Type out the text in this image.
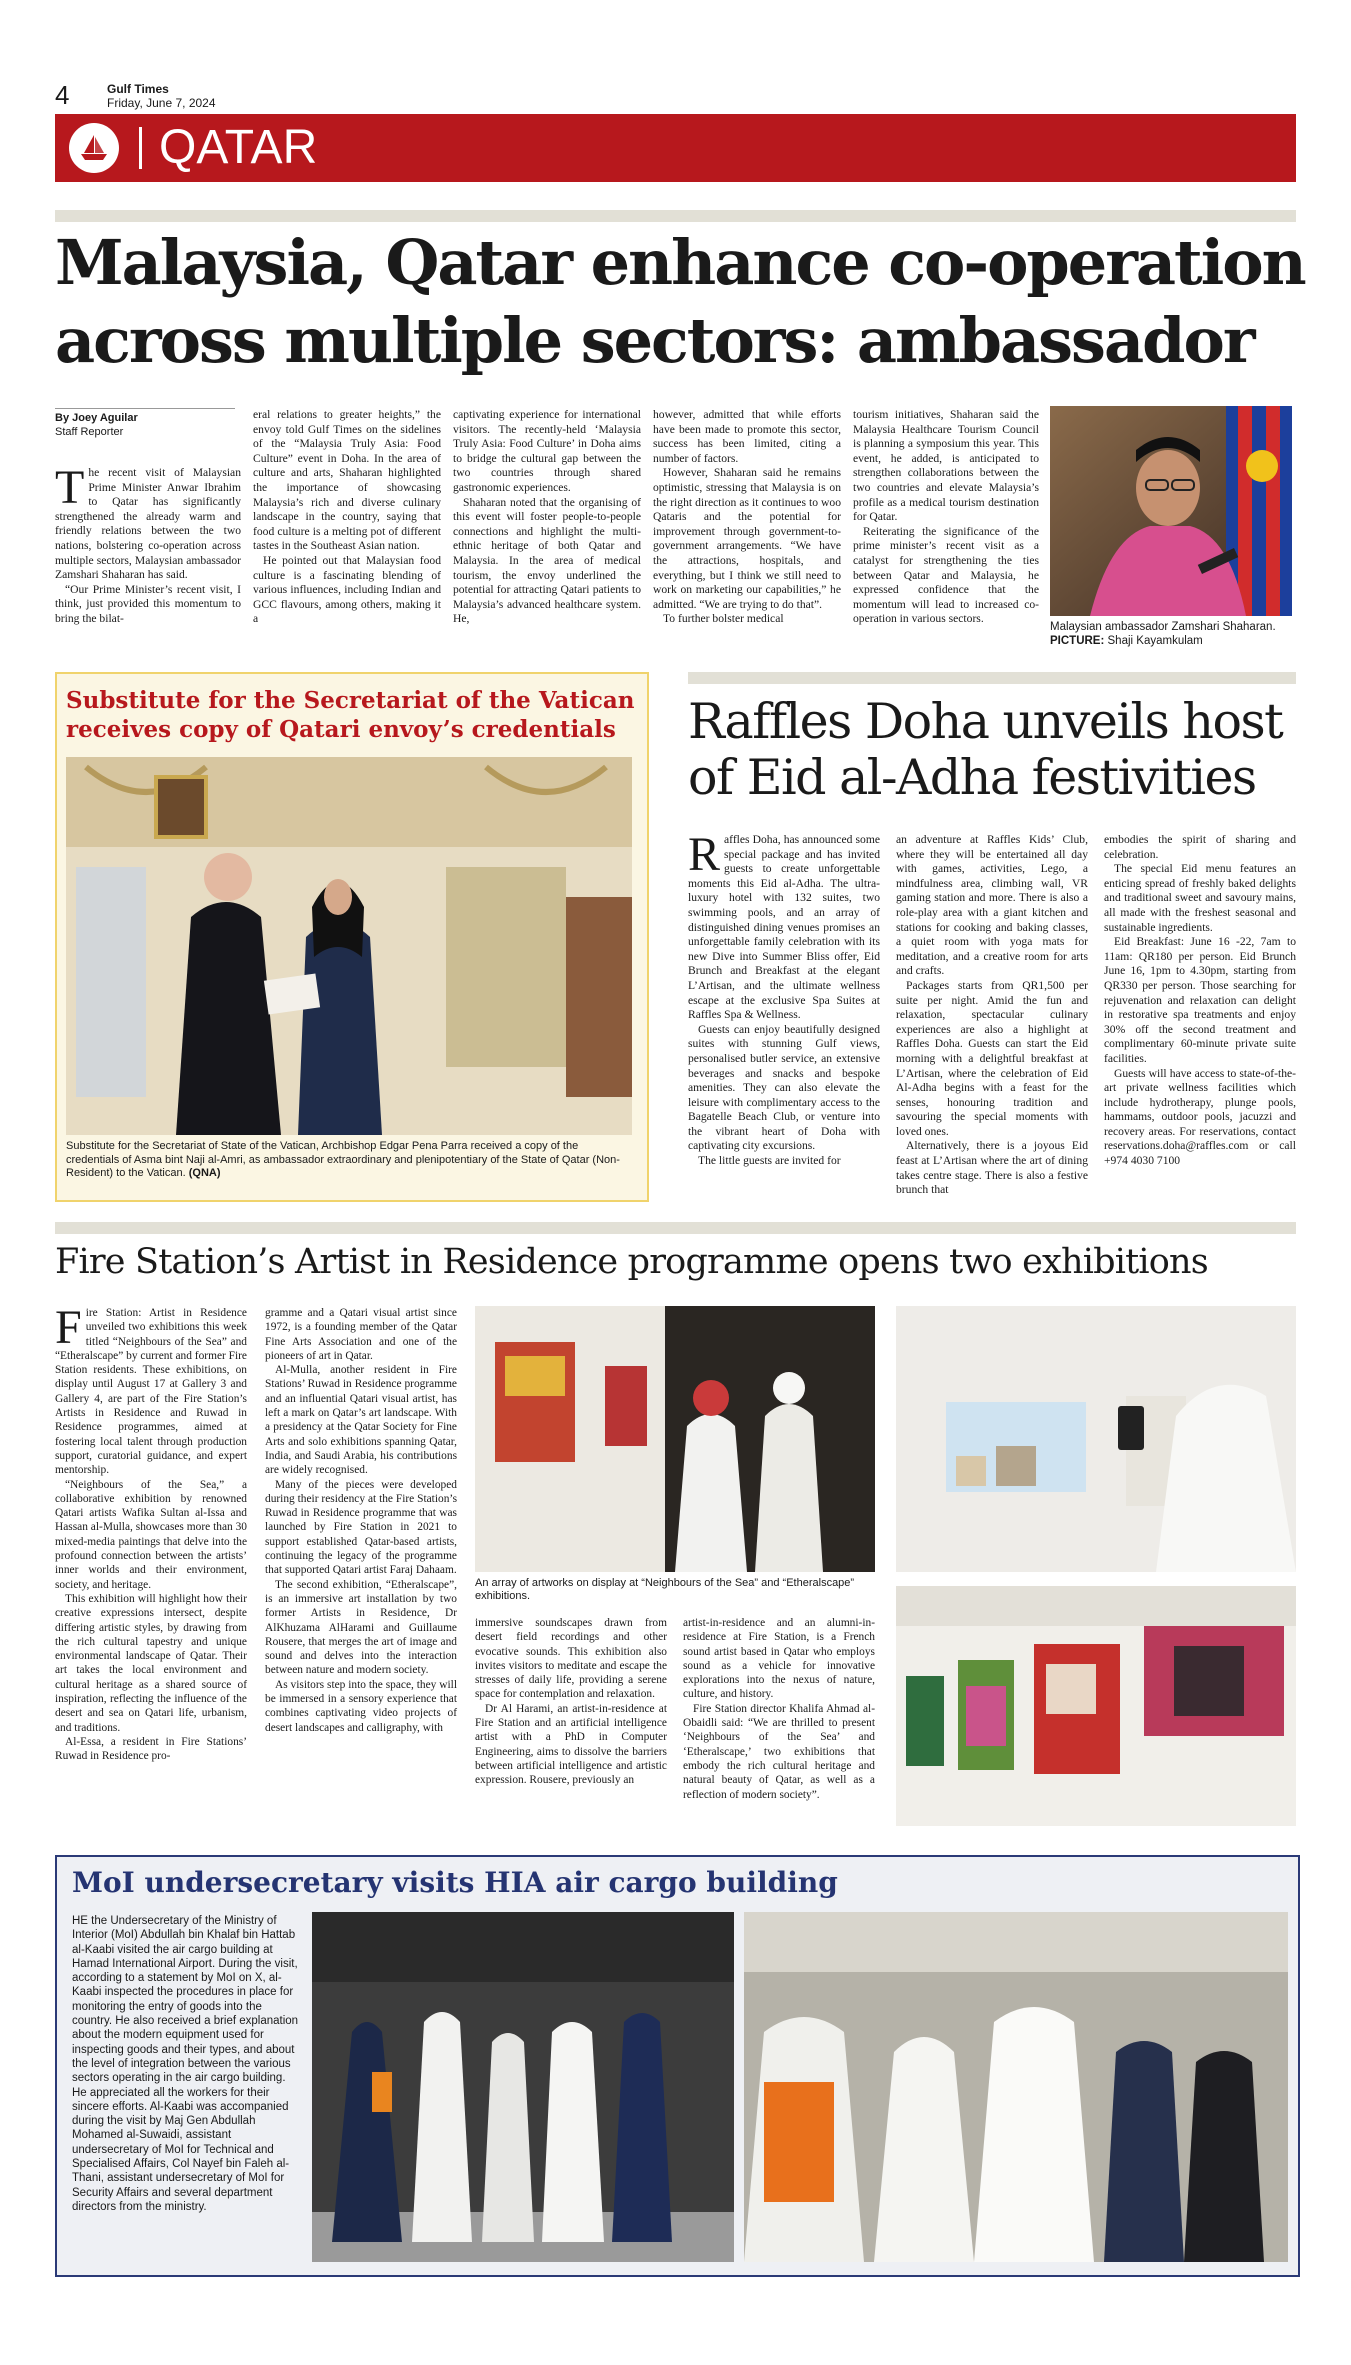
4	Gulf Times
Friday, June 7, 2024
QATAR
Malaysia, Qatar enhance co-operation
across multiple sectors: ambassador
By Joey Aguilar
Staff Reporter

The recent visit of Malaysian Prime Minister Anwar Ibrahim to Qatar has significantly strengthened the already warm and friendly relations between the two nations, bolstering co-operation across multiple sectors, Malaysian ambassador Zamshari Shaharan has said.

“Our Prime Minister’s recent visit, I think, just provided this momentum to bring the bilat-

eral relations to greater heights,” the envoy told Gulf Times on the sidelines of the “Malaysia Truly Asia: Food Culture” event in Doha. In the area of culture and arts, Shaharan highlighted the importance of showcasing Malaysia’s rich and diverse culinary landscape in the country, saying that food culture is a melting pot of different tastes in the Southeast Asian nation.

He pointed out that Malaysian food culture is a fascinating blending of various influences, including Indian and GCC flavours, among others, making it a

captivating experience for international visitors. The recently-held ‘Malaysia Truly Asia: Food Culture’ in Doha aims to bridge the cultural gap between the two countries through shared gastronomic experiences.

Shaharan noted that the organising of this event will foster people-to-people connections and highlight the multi-ethnic heritage of both Qatar and Malaysia. In the area of medical tourism, the envoy underlined the potential for attracting Qatari patients to Malaysia’s advanced healthcare system. He,

however, admitted that while efforts have been made to promote this sector, success has been limited, citing a number of factors.

However, Shaharan said he remains optimistic, stressing that Malaysia is on the right direction as it continues to woo Qataris and the potential for improvement through government-to-government arrangements. “We have the attractions, hospitals, and everything, but I think we still need to work on marketing our capabilities,” he admitted. “We are trying to do that”.

To further bolster medical

tourism initiatives, Shaharan said the Malaysia Healthcare Tourism Council is planning a symposium this year. This event, he added, is anticipated to strengthen collaborations between the two countries and elevate Malaysia’s profile as a medical tourism destination for Qatar.

Reiterating the significance of the prime minister’s recent visit as a catalyst for strengthening the ties between Qatar and Malaysia, he expressed confidence that the momentum will lead to increased co-operation in various sectors.

Malaysian ambassador Zamshari Shaharan.
PICTURE: Shaji Kayamkulam
Substitute for the Secretariat of the Vatican receives copy of Qatari envoy’s credentials
Substitute for the Secretariat of State of the Vatican, Archbishop Edgar Pena Parra received a copy of the credentials of Asma bint Naji al-Amri, as ambassador extraordinary and plenipotentiary of the State of Qatar (Non-Resident) to the Vatican. (QNA)
Raffles Doha unveils host of Eid al-Adha festivities

Raffles Doha, has announced some special package and has invited guests to create unforgettable moments this Eid al-Adha. The ultra-luxury hotel with 132 suites, two swimming pools, and an array of distinguished dining venues promises an unforgettable family celebration with its new Dive into Summer Bliss offer, Eid Brunch and Breakfast at the elegant L’Artisan, and the ultimate wellness escape at the exclusive Spa Suites at Raffles Spa & Wellness.

Guests can enjoy beautifully designed suites with stunning Gulf views, personalised butler service, an extensive beverages and snacks and bespoke amenities. They can also elevate the leisure with complimentary access to the Bagatelle Beach Club, or venture into the vibrant heart of Doha with captivating city excursions.

The little guests are invited for

an adventure at Raffles Kids’ Club, where they will be entertained all day with games, activities, Lego, a mindfulness area, climbing wall, VR gaming station and more. There is also a role-play area with a giant kitchen and stations for cooking and baking classes, a quiet room with yoga mats for meditation, and a creative room for arts and crafts.

Packages starts from QR1,500 per suite per night. Amid the fun and relaxation, spectacular culinary experiences are also a highlight at Raffles Doha. Guests can start the Eid morning with a delightful breakfast at L’Artisan, where the celebration of Eid Al-Adha begins with a feast for the senses, honouring tradition and savouring the special moments with loved ones.

Alternatively, there is a joyous Eid feast at L’Artisan where the art of dining takes centre stage. There is also a festive brunch that

embodies the spirit of sharing and celebration.

The special Eid menu features an enticing spread of freshly baked delights and traditional sweet and savoury mains, all made with the freshest seasonal and sustainable ingredients.

Eid Breakfast: June 16 -22, 7am to 11am: QR180 per person. Eid Brunch June 16, 1pm to 4.30pm, starting from QR330 per person. Those searching for rejuvenation and relaxation can delight in restorative spa treatments and enjoy 30% off the second treatment and complimentary 60-minute private suite facilities.

Guests will have access to state-of-the-art private wellness facilities which include hydrotherapy, plunge pools, hammams, outdoor pools, jacuzzi and recovery areas. For reservations, contact reservations.doha@raffles.com or call +974 4030 7100

Fire Station’s Artist in Residence programme opens two exhibitions

Fire Station: Artist in Residence unveiled two exhibitions this week titled “Neighbours of the Sea” and “Etheralscape” by current and former Fire Station residents. These exhibitions, on display until August 17 at Gallery 3 and Gallery 4, are part of the Fire Station’s Artists in Residence and Ruwad in Residence programmes, aimed at fostering local talent through production support, curatorial guidance, and expert mentorship.

“Neighbours of the Sea,” a collaborative exhibition by renowned Qatari artists Wafika Sultan al-Issa and Hassan al-Mulla, showcases more than 30 mixed-media paintings that delve into the profound connection between the artists’ inner worlds and their environment, society, and heritage.

This exhibition will highlight how their creative expressions intersect, despite differing artistic styles, by drawing from the rich cultural tapestry and unique environmental landscape of Qatar. Their art takes the local environment and cultural heritage as a shared source of inspiration, reflecting the influence of the desert and sea on Qatari life, urbanism, and traditions.

Al-Essa, a resident in Fire Stations’ Ruwad in Residence pro-

gramme and a Qatari visual artist since 1972, is a founding member of the Qatar Fine Arts Association and one of the pioneers of art in Qatar.

Al-Mulla, another resident in Fire Stations’ Ruwad in Residence programme and an influential Qatari visual artist, has left a mark on Qatar’s art landscape. With a presidency at the Qatar Society for Fine Arts and solo exhibitions spanning Qatar, India, and Saudi Arabia, his contributions are widely recognised.

Many of the pieces were developed during their residency at the Fire Station’s Ruwad in Residence programme that was launched by Fire Station in 2021 to support established Qatar-based artists, continuing the legacy of the programme that supported Qatari artist Faraj Dahaam.

The second exhibition, “Etheralscape”, is an immersive art installation by two former Artists in Residence, Dr AlKhuzama AlHarami and Guillaume Rousere, that merges the art of image and sound and delves into the interaction between nature and modern society.

As visitors step into the space, they will be immersed in a sensory experience that combines captivating video projects of desert landscapes and calligraphy, with

immersive soundscapes drawn from desert field recordings and other evocative sounds. This exhibition also invites visitors to meditate and escape the stresses of daily life, providing a serene space for contemplation and relaxation.

Dr Al Harami, an artist-in-residence at Fire Station and an artificial intelligence artist with a PhD in Computer Engineering, aims to dissolve the barriers between artificial intelligence and artistic expression. Rousere, previously an

artist-in-residence and an alumni-in-residence at Fire Station, is a French sound artist based in Qatar who employs sound as a vehicle for innovative explorations into the nexus of nature, culture, and history.

Fire Station director Khalifa Ahmad al-Obaidli said: “We are thrilled to present ‘Neighbours of the Sea’ and ‘Etheralscape,’ two exhibitions that embody the rich cultural heritage and natural beauty of Qatar, as well as a reflection of modern society”.

An array of artworks on display at “Neighbours of the Sea” and “Etheralscape” exhibitions.
MoI undersecretary visits HIA air cargo building
HE the Undersecretary of the Ministry of Interior (MoI) Abdullah bin Khalaf bin Hattab al-Kaabi visited the air cargo building at Hamad International Airport. During the visit, according to a statement by MoI on X, al-Kaabi inspected the procedures in place for monitoring the entry of goods into the country. He also received a brief explanation about the modern equipment used for inspecting goods and their types, and about the level of integration between the various sectors operating in the air cargo building. He appreciated all the workers for their sincere efforts. Al-Kaabi was accompanied during the visit by Maj Gen Abdullah Mohamed al-Suwaidi, assistant undersecretary of MoI for Technical and Specialised Affairs, Col Nayef bin Faleh al-Thani, assistant undersecretary of MoI for Security Affairs and several department directors from the ministry.
